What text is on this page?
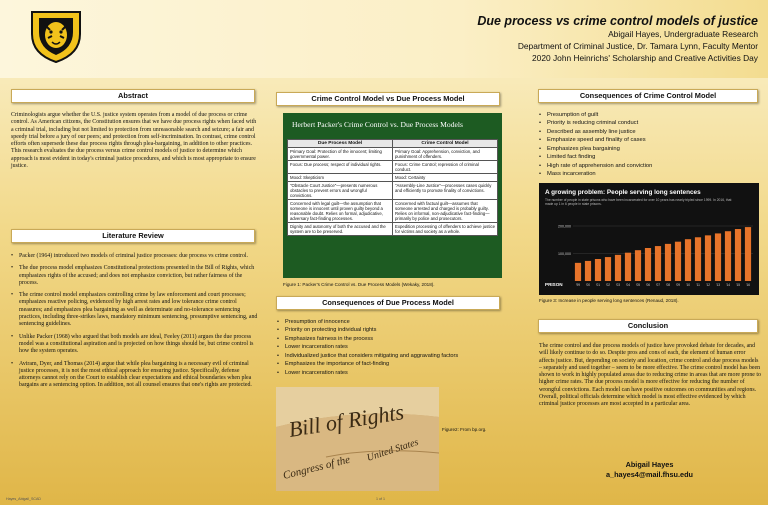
Due process vs crime control models of justice
Abigail Hayes, Undergraduate Research
Department of Criminal Justice, Dr. Tamara Lynn, Faculty Mentor
2020 John Heinrichs' Scholarship and Creative Activities Day
Abstract
Criminologists argue whether the U.S. justice system operates from a model of due process or crime control. As American citizens, the Constitution ensures that we have due process rights when faced with a criminal trial, including but not limited to protection from unreasonable search and seizure; a fair and speedy trial before a jury of our peers; and protection from self-incrimination. In contrast, crime control efforts often supersede these due process rights through plea-bargaining, in addition to other practices. This research evaluates the due process versus crime control models of justice to determine which approach is most evident in today's criminal justice procedures, and which is most appropriate to ensure justice.
Literature Review
• Packer (1964) introduced two models of criminal justice processes: due process vs crime control.
• The due process model emphasizes Constitutional protections presented in the Bill of Rights, which emphasizes rights of the accused; and does not emphasize conviction, but rather fairness of the process.
• The crime control model emphasizes controlling crime by law enforcement and court processes; emphasizes reactive policing, evidenced by high arrest rates and low tolerance crime control measures; and emphasizes plea bargaining as well as determinate and no-tolerance sentencing practices, including three-strikes laws, mandatory minimum sentencing, presumptive sentencing, and sentencing guidelines.
• Unlike Packer (1968) who argued that both models are ideal, Feeley (2011) argues the due process model was a constitutional aspiration and is projected on how things should be, but crime control is how the system operates.
• Aviram, Dyer, and Thomas (2014) argue that while plea bargaining is a necessary evil of criminal justice processes, it is not the most ethical approach for ensuring justice. Specifically, defense attorneys cannot rely on the Court to establish clear expectations and ethical boundaries when plea bargains are a sentencing option. In addition, not all counsel ensures that one's rights are protected.
Crime Control Model vs Due Process Model
Herbert Packer's Crime Control vs. Due Process Models
Due Process Model	Crime Control Model
Primary Goal: Protection of the innocent; limiting governmental power.	Primary Goal: Apprehension, conviction, and punishment of offenders.
Focus: Due process; respect of individual rights.	Focus: Crime Control; repression of criminal conduct.
Mood: Skepticism	Mood: Certainty
"Obstacle Court Justice"—presents numerous obstacles to prevent errors and wrongful convictions.	"Assembly-Line Justice"—processes cases quickly and efficiently to promote finality of convictions.
Concerned with legal guilt—the assumption that someone is innocent until proven guilty beyond a reasonable doubt. Relies on formal, adjudicative, adversary fact-finding processes.	Concerned with factual guilt—assumes that someone arrested and charged is probably guilty. Relies on informal, non-adjudicative fact-finding—primarily by police and prosecutors.
Dignity and autonomy of both the accused and the system are to be preserved.	Expedition processing of offenders to achieve justice for victims and society as a whole.
Figure 1: Packer's Crime Control vs. Due Process Models (Wekaky, 2018).
Consequences of Due Process Model
• Presumption of innocence
• Priority on protecting individual rights
• Emphasizes fairness in the process
• Lower incarceration rates
• Individualized justice that considers mitigating and aggravating factors
• Emphasizes the importance of fact-finding
• Lower incarceration rates
Bill of Rights
Congress of the
United States
Figure2: From bp.org.
Consequences of Crime Control Model
• Presumption of guilt
• Priority is reducing criminal conduct
• Described as assembly line justice
• Emphasize speed and finality of cases
• Emphasizes plea bargaining
• Limited fact finding
• High rate of apprehension and conviction
• Mass incarceration
A growing problem: People serving long sentences
The number of people in state prisons who have been incarcerated for over 10 years has nearly tripled since 1999. In 2016, that made up 1 in 6 people in state prisons.
200,000
100,000
'99 '00 '01 '02 '03 '04 '05 '06 '07 '08 '09 '10 '11 '12 '13 '14 '15 '16
PRISON
Figure 3: Increase in people serving long sentences (Renaud, 2018).
Conclusion
The crime control and due process models of justice have provoked debate for decades, and will likely continue to do so. Despite pros and cons of each, the element of human error affects justice. But, depending on society and location, crime control and due process models – separately and used together – seem to be more effective. The crime control model has been shown to work in highly populated areas due to reducing crime in areas that are more prone to higher crime rates. The due process model is more effective for reducing the number of wrongful convictions. Each model can have positive outcomes on communities and regions. Overall, political officials determine which model is most effective evidenced by which criminal justice processes are most accepted in a particular area.
Abigail Hayes
a_hayes4@mail.fhsu.edu
Hayes_Abigail_SCAD	1 of 1
